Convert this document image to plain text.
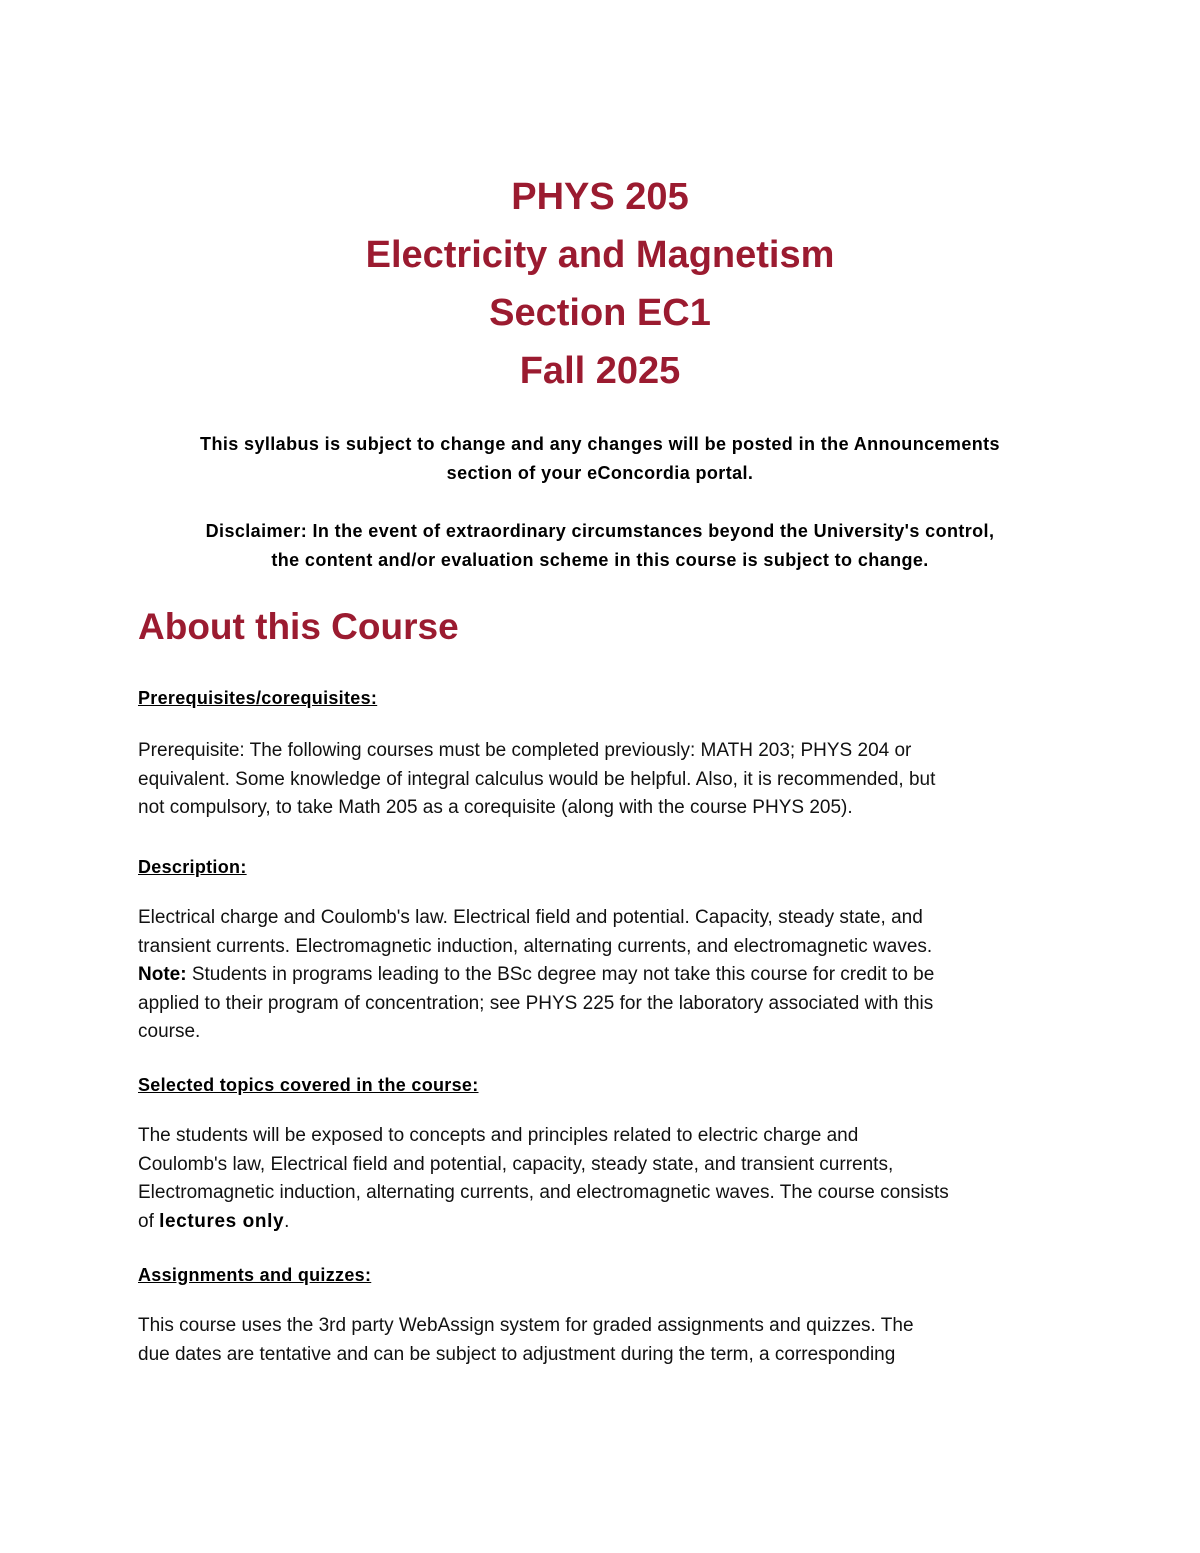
PHYS 205
Electricity and Magnetism
Section EC1
Fall 2025
This syllabus is subject to change and any changes will be posted in the Announcements
section of your eConcordia portal.
Disclaimer: In the event of extraordinary circumstances beyond the University's control,
the content and/or evaluation scheme in this course is subject to change.
About this Course
Prerequisites/corequisites:
Prerequisite: The following courses must be completed previously: MATH 203; PHYS 204 or
equivalent. Some knowledge of integral calculus would be helpful. Also, it is recommended, but
not compulsory, to take Math 205 as a corequisite (along with the course PHYS 205).
Description:
Electrical charge and Coulomb's law. Electrical field and potential. Capacity, steady state, and
transient currents. Electromagnetic induction, alternating currents, and electromagnetic waves.
Note: Students in programs leading to the BSc degree may not take this course for credit to be
applied to their program of concentration; see PHYS 225 for the laboratory associated with this
course.
Selected topics covered in the course:
The students will be exposed to concepts and principles related to electric charge and
Coulomb's law, Electrical field and potential, capacity, steady state, and transient currents,
Electromagnetic induction, alternating currents, and electromagnetic waves. The course consists
of lectures only.
Assignments and quizzes:
This course uses the 3rd party WebAssign system for graded assignments and quizzes. The
due dates are tentative and can be subject to adjustment during the term, a corresponding
